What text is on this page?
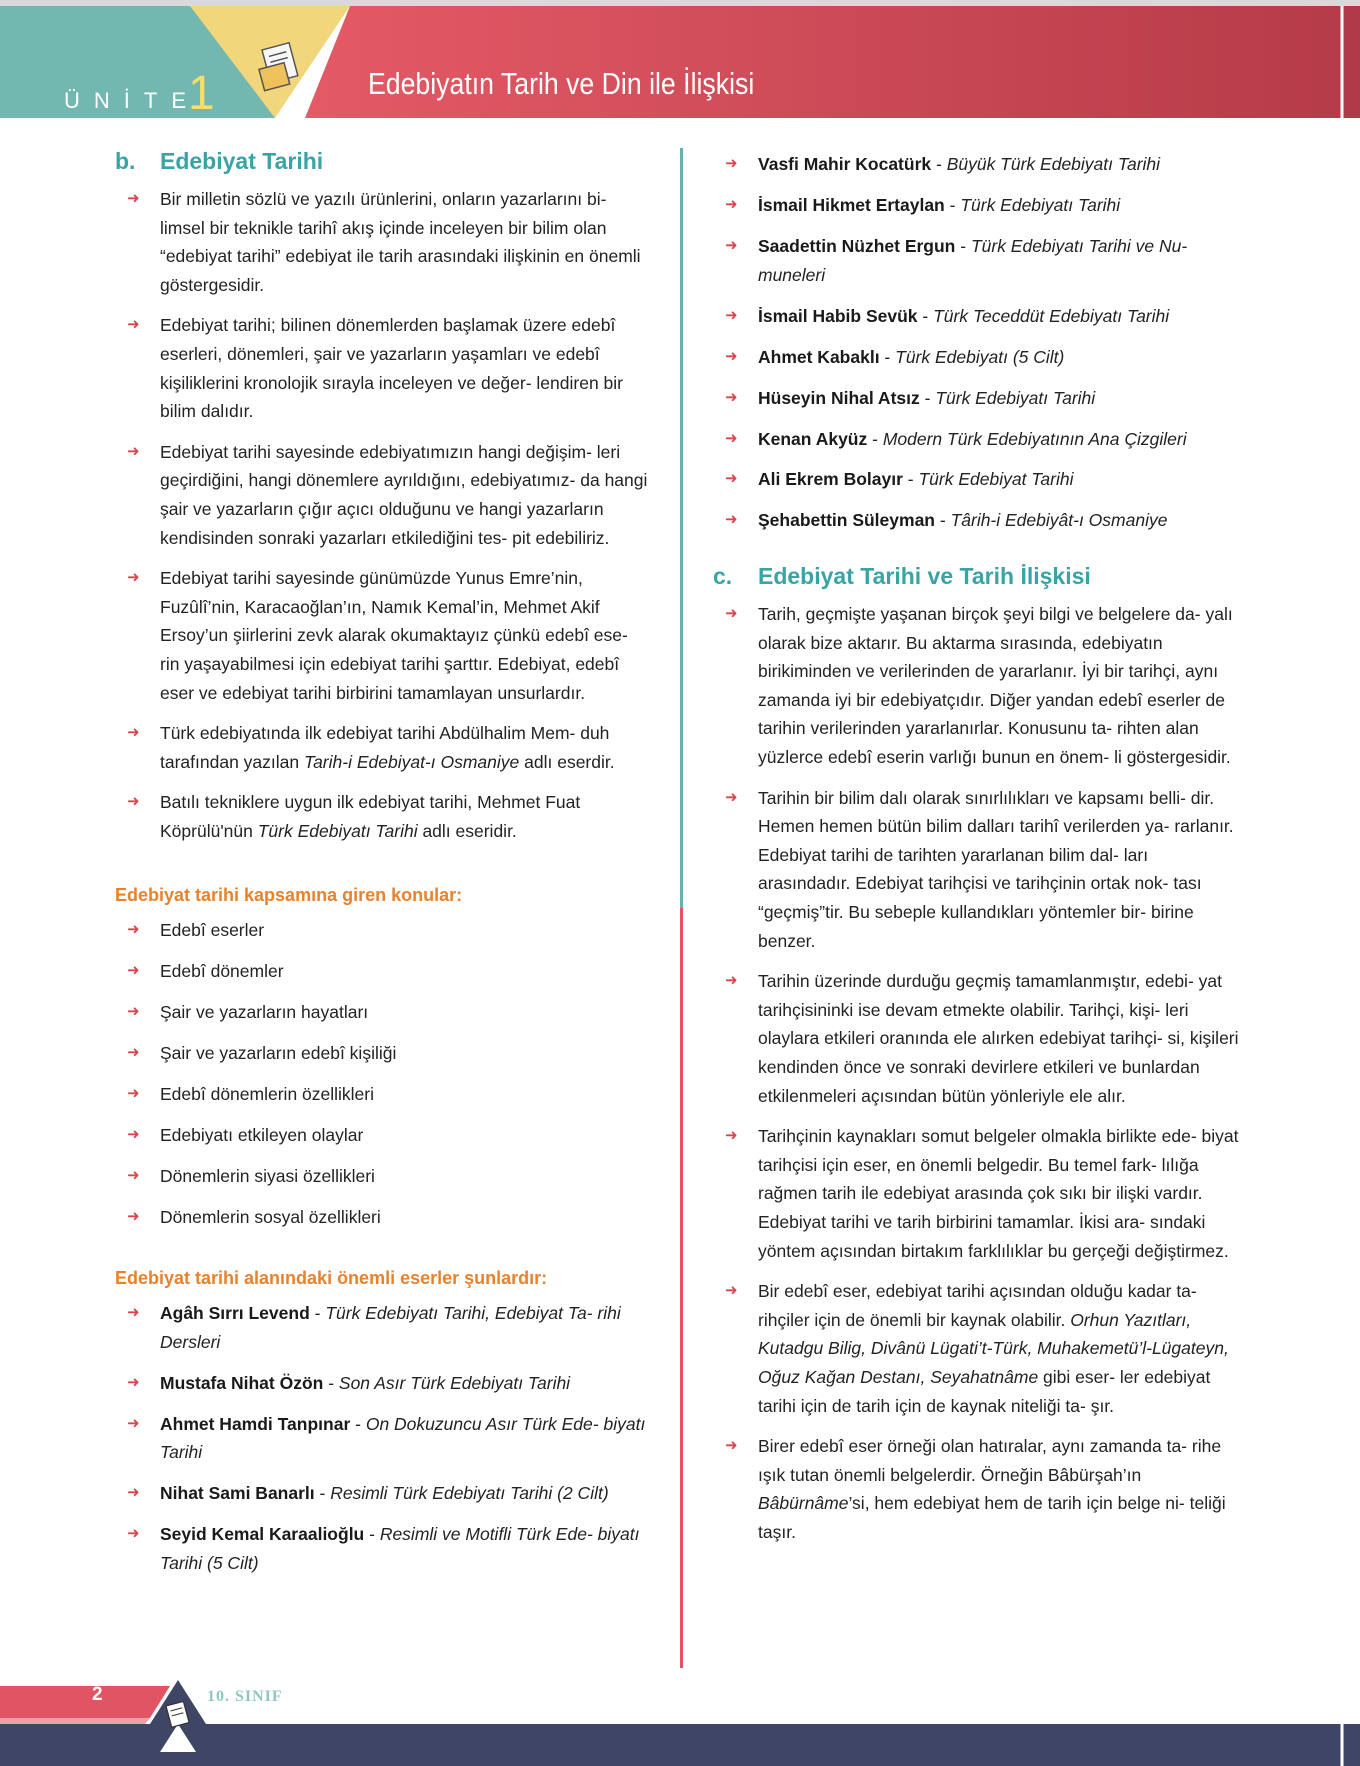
ÜNİTE
1	Edebiyatın Tarih ve Din ile İlişkisi
b.	Edebiyat Tarihi
➜ Bir milletin sözlü ve yazılı ürünlerini, onların yazarlarını bi- limsel bir teknikle tarihî akış içinde inceleyen bir bilim olan “edebiyat tarihi” edebiyat ile tarih arasındaki ilişkinin en önemli göstergesidir.
➜ Edebiyat tarihi; bilinen dönemlerden başlamak üzere edebî eserleri, dönemleri, şair ve yazarların yaşamları ve edebî kişiliklerini kronolojik sırayla inceleyen ve değer- lendiren bir bilim dalıdır.
➜ Edebiyat tarihi sayesinde edebiyatımızın hangi değişim- leri geçirdiğini, hangi dönemlere ayrıldığını, edebiyatımız- da hangi şair ve yazarların çığır açıcı olduğunu ve hangi yazarların kendisinden sonraki yazarları etkilediğini tes- pit edebiliriz.
➜ Edebiyat tarihi sayesinde günümüzde Yunus Emre’nin, Fuzûlî’nin, Karacaoğlan’ın, Namık Kemal’in, Mehmet Akif Ersoy’un şiirlerini zevk alarak okumaktayız çünkü edebî ese- rin yaşayabilmesi için edebiyat tarihi şarttır. Edebiyat, edebî eser ve edebiyat tarihi birbirini tamamlayan unsurlardır.
➜ Türk edebiyatında ilk edebiyat tarihi Abdülhalim Mem- duh tarafından yazılan Tarih-i Edebiyat-ı Osmaniye adlı eserdir.
➜ Batılı tekniklere uygun ilk edebiyat tarihi, Mehmet Fuat Köprülü'nün Türk Edebiyatı Tarihi adlı eseridir.
Edebiyat tarihi kapsamına giren konular:
➜ Edebî eserler
➜ Edebî dönemler
➜ Şair ve yazarların hayatları
➜ Şair ve yazarların edebî kişiliği
➜ Edebî dönemlerin özellikleri
➜ Edebiyatı etkileyen olaylar
➜ Dönemlerin siyasi özellikleri
➜ Dönemlerin sosyal özellikleri
Edebiyat tarihi alanındaki önemli eserler şunlardır:
➜ Agâh Sırrı Levend - Türk Edebiyatı Tarihi, Edebiyat Ta- rihi Dersleri
➜ Mustafa Nihat Özön - Son Asır Türk Edebiyatı Tarihi
➜ Ahmet Hamdi Tanpınar - On Dokuzuncu Asır Türk Ede- biyatı Tarihi
➜ Nihat Sami Banarlı - Resimli Türk Edebiyatı Tarihi (2 Cilt)
➜ Seyid Kemal Karaalioğlu - Resimli ve Motifli Türk Ede- biyatı Tarihi (5 Cilt)
➜ Vasfi Mahir Kocatürk - Büyük Türk Edebiyatı Tarihi
➜ İsmail Hikmet Ertaylan - Türk Edebiyatı Tarihi
➜ Saadettin Nüzhet Ergun - Türk Edebiyatı Tarihi ve Nu- muneleri
➜ İsmail Habib Sevük - Türk Teceddüt Edebiyatı Tarihi
➜ Ahmet Kabaklı - Türk Edebiyatı (5 Cilt)
➜ Hüseyin Nihal Atsız - Türk Edebiyatı Tarihi
➜ Kenan Akyüz - Modern Türk Edebiyatının Ana Çizgileri
➜ Ali Ekrem Bolayır - Türk Edebiyat Tarihi
➜ Şehabettin Süleyman - Târih-i Edebiyât-ı Osmaniye
c.	Edebiyat Tarihi ve Tarih İlişkisi
➜ Tarih, geçmişte yaşanan birçok şeyi bilgi ve belgelere da- yalı olarak bize aktarır. Bu aktarma sırasında, edebiyatın birikiminden ve verilerinden de yararlanır. İyi bir tarihçi, aynı zamanda iyi bir edebiyatçıdır. Diğer yandan edebî eserler de tarihin verilerinden yararlanırlar. Konusunu ta- rihten alan yüzlerce edebî eserin varlığı bunun en önem- li göstergesidir.
➜ Tarihin bir bilim dalı olarak sınırlılıkları ve kapsamı belli- dir. Hemen hemen bütün bilim dalları tarihî verilerden ya- rarlanır. Edebiyat tarihi de tarihten yararlanan bilim dal- ları arasındadır. Edebiyat tarihçisi ve tarihçinin ortak nok- tası “geçmiş”tir. Bu sebeple kullandıkları yöntemler bir- birine benzer.
➜ Tarihin üzerinde durduğu geçmiş tamamlanmıştır, edebi- yat tarihçisininki ise devam etmekte olabilir. Tarihçi, kişi- leri olaylara etkileri oranında ele alırken edebiyat tarihçi- si, kişileri kendinden önce ve sonraki devirlere etkileri ve bunlardan etkilenmeleri açısından bütün yönleriyle ele alır.
➜ Tarihçinin kaynakları somut belgeler olmakla birlikte ede- biyat tarihçisi için eser, en önemli belgedir. Bu temel fark- lılığa rağmen tarih ile edebiyat arasında çok sıkı bir ilişki vardır. Edebiyat tarihi ve tarih birbirini tamamlar. İkisi ara- sındaki yöntem açısından birtakım farklılıklar bu gerçeği değiştirmez.
➜ Bir edebî eser, edebiyat tarihi açısından olduğu kadar ta- rihçiler için de önemli bir kaynak olabilir. Orhun Yazıtları, Kutadgu Bilig, Divânü Lügati’t-Türk, Muhakemetü’l-Lügateyn, Oğuz Kağan Destanı, Seyahatnâme gibi eser- ler edebiyat tarihi için de tarih için de kaynak niteliği ta- şır.
➜ Birer edebî eser örneği olan hatıralar, aynı zamanda ta- rihe ışık tutan önemli belgelerdir. Örneğin Bâbürşah’ın Bâbürnâme’si, hem edebiyat hem de tarih için belge ni- teliği taşır.
2	10. SINIF
